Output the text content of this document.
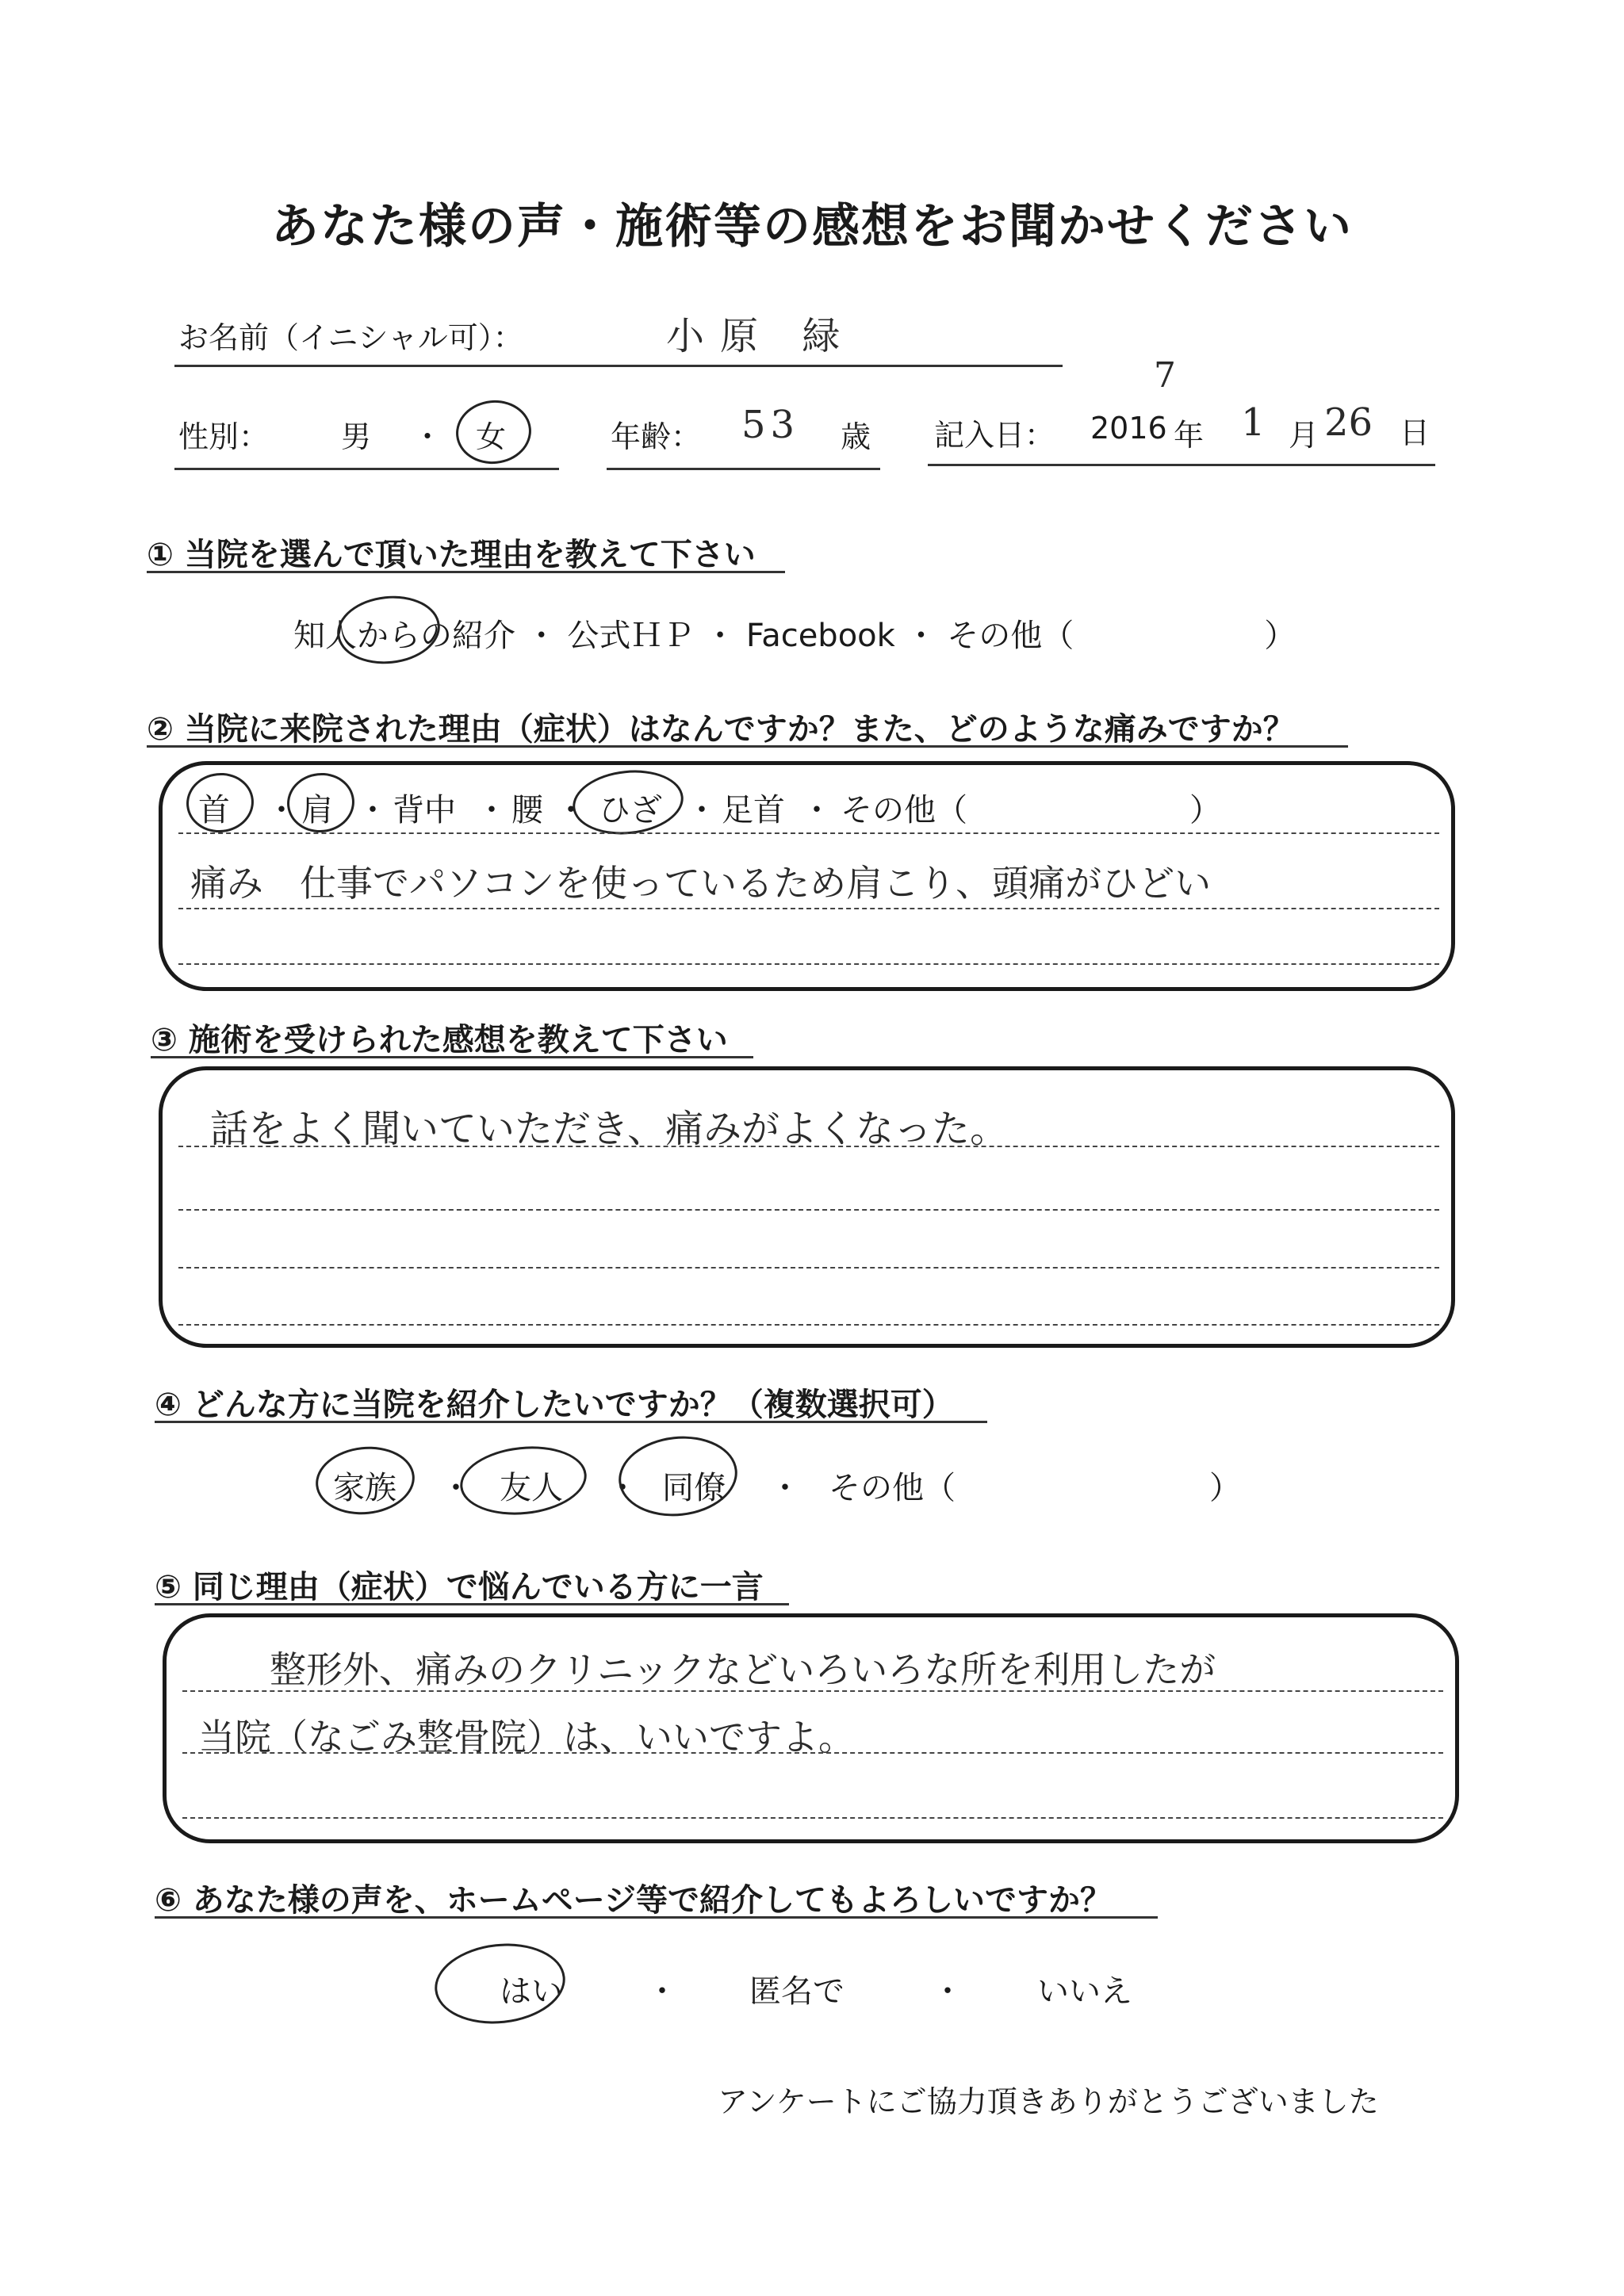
あなた様の声・施術等の感想をお聞かせください
お名前（イニシャル可）：	小原 緑
性別： 男 ・ 女	年齢： 53 歳 記入日： 2016
7
年 1 月 26 日
① 当院を選んで頂いた理由を教えて下さい
知人からの紹介 ・ 公式ＨＰ ・ Facebook ・ その他（　　　　　　）
② 当院に来院された理由（症状）はなんですか？また、どのような痛みですか？
首 ・ 肩 ・ 背中 ・ 腰 ・ ひざ ・ 足首 ・ その他（　　　　　　　）
痛み　仕事でパソコンを使っているため肩こり、頭痛がひどい
③ 施術を受けられた感想を教えて下さい
話をよく聞いていただき、痛みがよくなった。
④ どんな方に当院を紹介したいですか？（複数選択可）
家族 ・ 友人 ・ 同僚 ・ その他（　　　　　　　　）
⑤ 同じ理由（症状）で悩んでいる方に一言
整形外、痛みのクリニックなどいろいろな所を利用したが
当院（なごみ整骨院）は、いいですよ。
⑥ あなた様の声を、ホームページ等で紹介してもよろしいですか？
はい	・ 匿名で	・ いいえ
アンケートにご協力頂きありがとうございました
